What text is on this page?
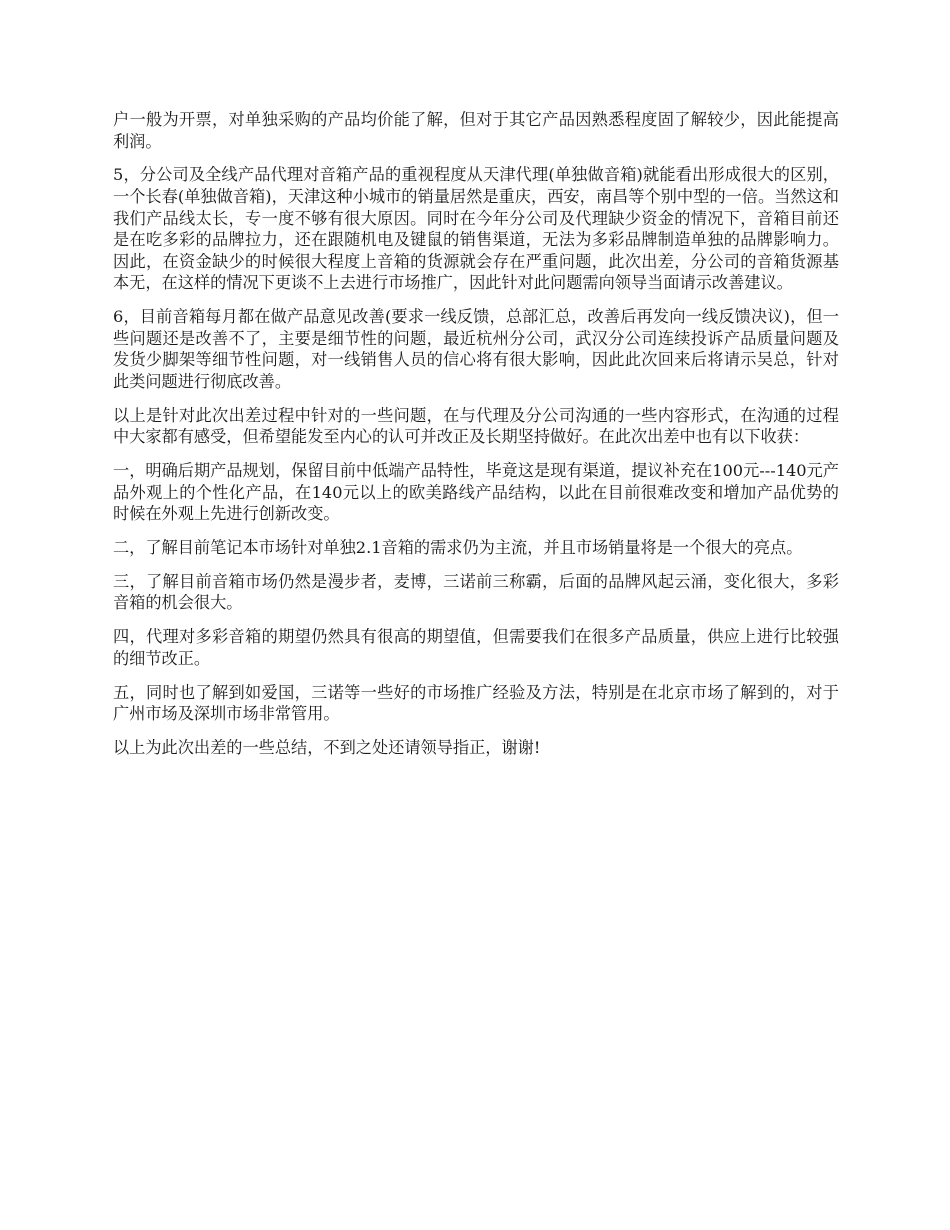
户一般为开票，对单独采购的产品均价能了解，但对于其它产品因熟悉程度固了解较少，因此能提高利润。

5，分公司及全线产品代理对音箱产品的重视程度从天津代理(单独做音箱)就能看出形成很大的区别，一个长春(单独做音箱)，天津这种小城市的销量居然是重庆，西安，南昌等个别中型的一倍。当然这和我们产品线太长，专一度不够有很大原因。同时在今年分公司及代理缺少资金的情况下，音箱目前还是在吃多彩的品牌拉力，还在跟随机电及键鼠的销售渠道，无法为多彩品牌制造单独的品牌影响力。因此，在资金缺少的时候很大程度上音箱的货源就会存在严重问题，此次出差，分公司的音箱货源基本无，在这样的情况下更谈不上去进行市场推广，因此针对此问题需向领导当面请示改善建议。

6，目前音箱每月都在做产品意见改善(要求一线反馈，总部汇总，改善后再发向一线反馈决议)，但一些问题还是改善不了，主要是细节性的问题，最近杭州分公司，武汉分公司连续投诉产品质量问题及发货少脚架等细节性问题，对一线销售人员的信心将有很大影响，因此此次回来后将请示吴总，针对此类问题进行彻底改善。

以上是针对此次出差过程中针对的一些问题，在与代理及分公司沟通的一些内容形式，在沟通的过程中大家都有感受，但希望能发至内心的认可并改正及长期坚持做好。在此次出差中也有以下收获：

一，明确后期产品规划，保留目前中低端产品特性，毕竟这是现有渠道，提议补充在100元---140元产品外观上的个性化产品，在140元以上的欧美路线产品结构，以此在目前很难改变和增加产品优势的时候在外观上先进行创新改变。

二，了解目前笔记本市场针对单独2.1音箱的需求仍为主流，并且市场销量将是一个很大的亮点。

三，了解目前音箱市场仍然是漫步者，麦博，三诺前三称霸，后面的品牌风起云涌，变化很大，多彩音箱的机会很大。

四，代理对多彩音箱的期望仍然具有很高的期望值，但需要我们在很多产品质量，供应上进行比较强的细节改正。

五，同时也了解到如爱国，三诺等一些好的市场推广经验及方法，特别是在北京市场了解到的，对于广州市场及深圳市场非常管用。

以上为此次出差的一些总结，不到之处还请领导指正，谢谢!
